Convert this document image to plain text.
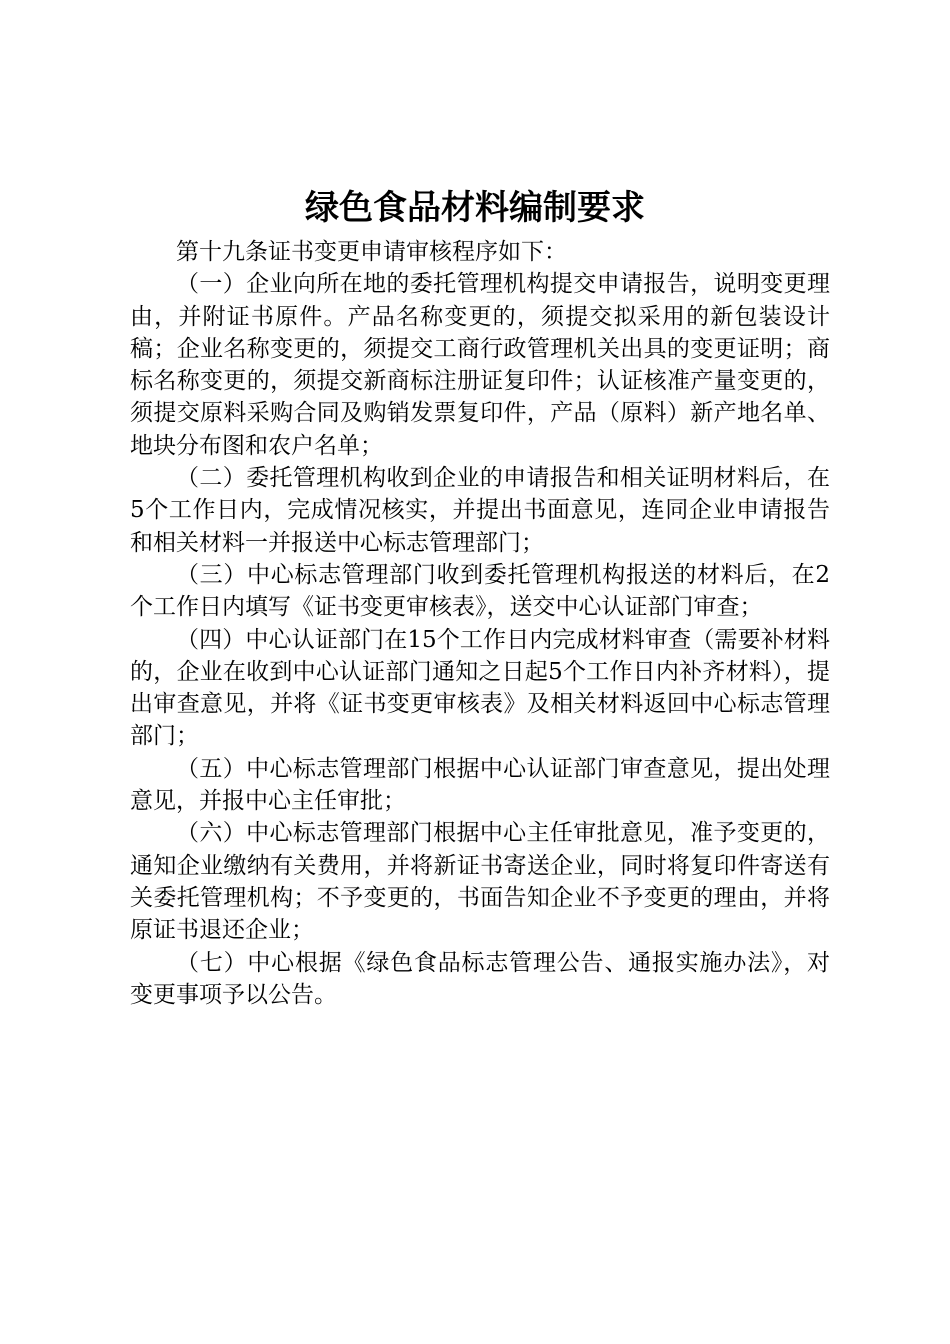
绿色食品材料编制要求

第十九条证书变更申请审核程序如下：

（一）企业向所在地的委托管理机构提交申请报告，说明变更理由，并附证书原件。产品名称变更的，须提交拟采用的新包装设计稿；企业名称变更的，须提交工商行政管理机关出具的变更证明；商标名称变更的，须提交新商标注册证复印件；认证核准产量变更的，须提交原料采购合同及购销发票复印件，产品（原料）新产地名单、地块分布图和农户名单；

（二）委托管理机构收到企业的申请报告和相关证明材料后，在5个工作日内，完成情况核实，并提出书面意见，连同企业申请报告和相关材料一并报送中心标志管理部门；

（三）中心标志管理部门收到委托管理机构报送的材料后，在2个工作日内填写《证书变更审核表》，送交中心认证部门审查；

（四）中心认证部门在15个工作日内完成材料审查（需要补材料的，企业在收到中心认证部门通知之日起5个工作日内补齐材料），提出审查意见，并将《证书变更审核表》及相关材料返回中心标志管理部门；

（五）中心标志管理部门根据中心认证部门审查意见，提出处理意见，并报中心主任审批；

（六）中心标志管理部门根据中心主任审批意见，准予变更的，通知企业缴纳有关费用，并将新证书寄送企业，同时将复印件寄送有关委托管理机构；不予变更的，书面告知企业不予变更的理由，并将原证书退还企业；

（七）中心根据《绿色食品标志管理公告、通报实施办法》，对变更事项予以公告。
